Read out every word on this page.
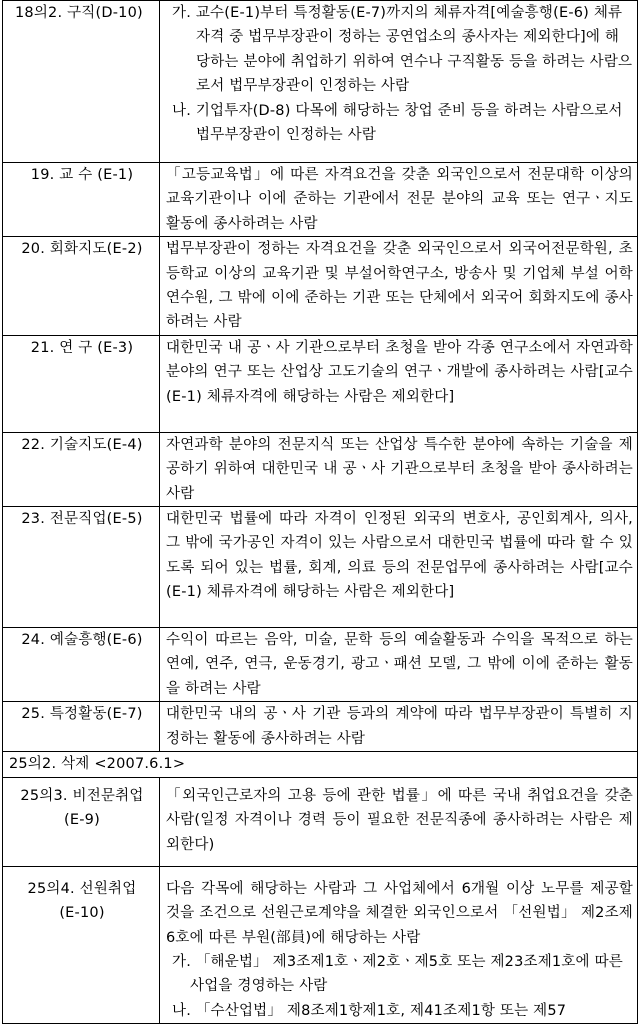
18의2. 구직(D-10)	가. 교수(E-1)부터 특정활동(E-7)까지의 체류자격[예술흥행(E-6) 체류자격 중 법무부장관이 정하는 공연업소의 종사자는 제외한다]에 해당하는 분야에 취업하기 위하여 연수나 구직활동 등을 하려는 사람으로서 법무부장관이 인정하는 사람
나. 기업투자(D-8) 다목에 해당하는 창업 준비 등을 하려는 사람으로서 법무부장관이 인정하는 사람

19. 교 수 (E-1)	「고등교육법」에 따른 자격요건을 갖춘 외국인으로서 전문대학 이상의 교육기관이나 이에 준하는 기관에서 전문 분야의 교육 또는 연구ㆍ지도 활동에 종사하려는 사람
20. 회화지도(E-2)	법무부장관이 정하는 자격요건을 갖춘 외국인으로서 외국어전문학원, 초등학교 이상의 교육기관 및 부설어학연구소, 방송사 및 기업체 부설 어학연수원, 그 밖에 이에 준하는 기관 또는 단체에서 외국어 회화지도에 종사하려는 사람
21. 연 구 (E-3)	대한민국 내 공ㆍ사 기관으로부터 초청을 받아 각종 연구소에서 자연과학 분야의 연구 또는 산업상 고도기술의 연구ㆍ개발에 종사하려는 사람[교수(E-1) 체류자격에 해당하는 사람은 제외한다]
22. 기술지도(E-4)	자연과학 분야의 전문지식 또는 산업상 특수한 분야에 속하는 기술을 제공하기 위하여 대한민국 내 공ㆍ사 기관으로부터 초청을 받아 종사하려는 사람
23. 전문직업(E-5)	대한민국 법률에 따라 자격이 인정된 외국의 변호사, 공인회계사, 의사, 그 밖에 국가공인 자격이 있는 사람으로서 대한민국 법률에 따라 할 수 있도록 되어 있는 법률, 회계, 의료 등의 전문업무에 종사하려는 사람[교수(E-1) 체류자격에 해당하는 사람은 제외한다]
24. 예술흥행(E-6)	수익이 따르는 음악, 미술, 문학 등의 예술활동과 수익을 목적으로 하는 연예, 연주, 연극, 운동경기, 광고ㆍ패션 모델, 그 밖에 이에 준하는 활동을 하려는 사람
25. 특정활동(E-7)	대한민국 내의 공ㆍ사 기관 등과의 계약에 따라 법무부장관이 특별히 지정하는 활동에 종사하려는 사람
25의2. 삭제 <2007.6.1>	

25의3. 비전문취업
(E-9)	「외국인근로자의 고용 등에 관한 법률」에 따른 국내 취업요건을 갖춘 사람(일정 자격이나 경력 등이 필요한 전문직종에 종사하려는 사람은 제외한다)

25의4. 선원취업
(E-10)	다음 각목에 해당하는 사람과 그 사업체에서 6개월 이상 노무를 제공할 것을 조건으로 선원근로계약을 체결한 외국인으로서 「선원법」 제2조제6호에 따른 부원(部員)에 해당하는 사람
가. 「해운법」 제3조제1호ㆍ제2호ㆍ제5호 또는 제23조제1호에 따른 사업을 경영하는 사람
나. 「수산업법」 제8조제1항제1호, 제41조제1항 또는 제57
